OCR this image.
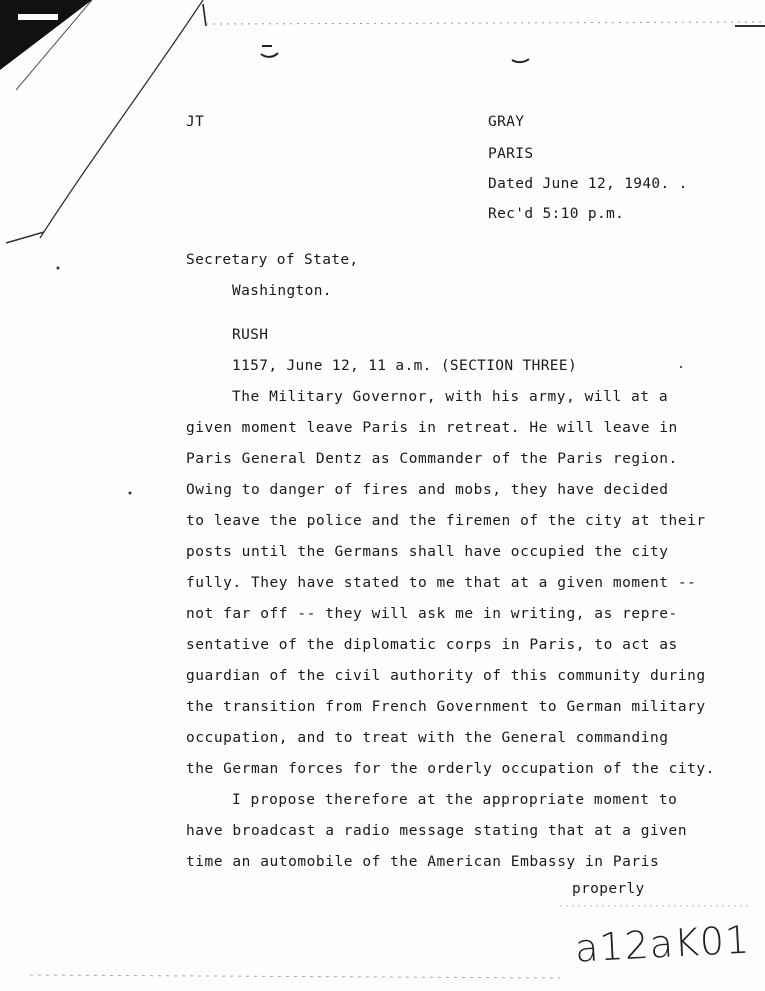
JT	GRAY
PARIS
Dated June 12, 1940. .
Rec'd 5:10 p.m.
Secretary of State,
Washington.
RUSH
1157, June 12, 11 a.m. (SECTION THREE)
The Military Governor, with his army, will at a
given moment leave Paris in retreat. He will leave in
Paris General Dentz as Commander of the Paris region.
Owing to danger of fires and mobs, they have decided
to leave the police and the firemen of the city at their
posts until the Germans shall have occupied the city
fully. They have stated to me that at a given moment --
not far off -- they will ask me in writing, as repre-
sentative of the diplomatic corps in Paris, to act as
guardian of the civil authority of this community during
the transition from French Government to German military
occupation, and to treat with the General commanding
the German forces for the orderly occupation of the city.
I propose therefore at the appropriate moment to
have broadcast a radio message stating that at a given
time an automobile of the American Embassy in Paris
properly
a12aK01
